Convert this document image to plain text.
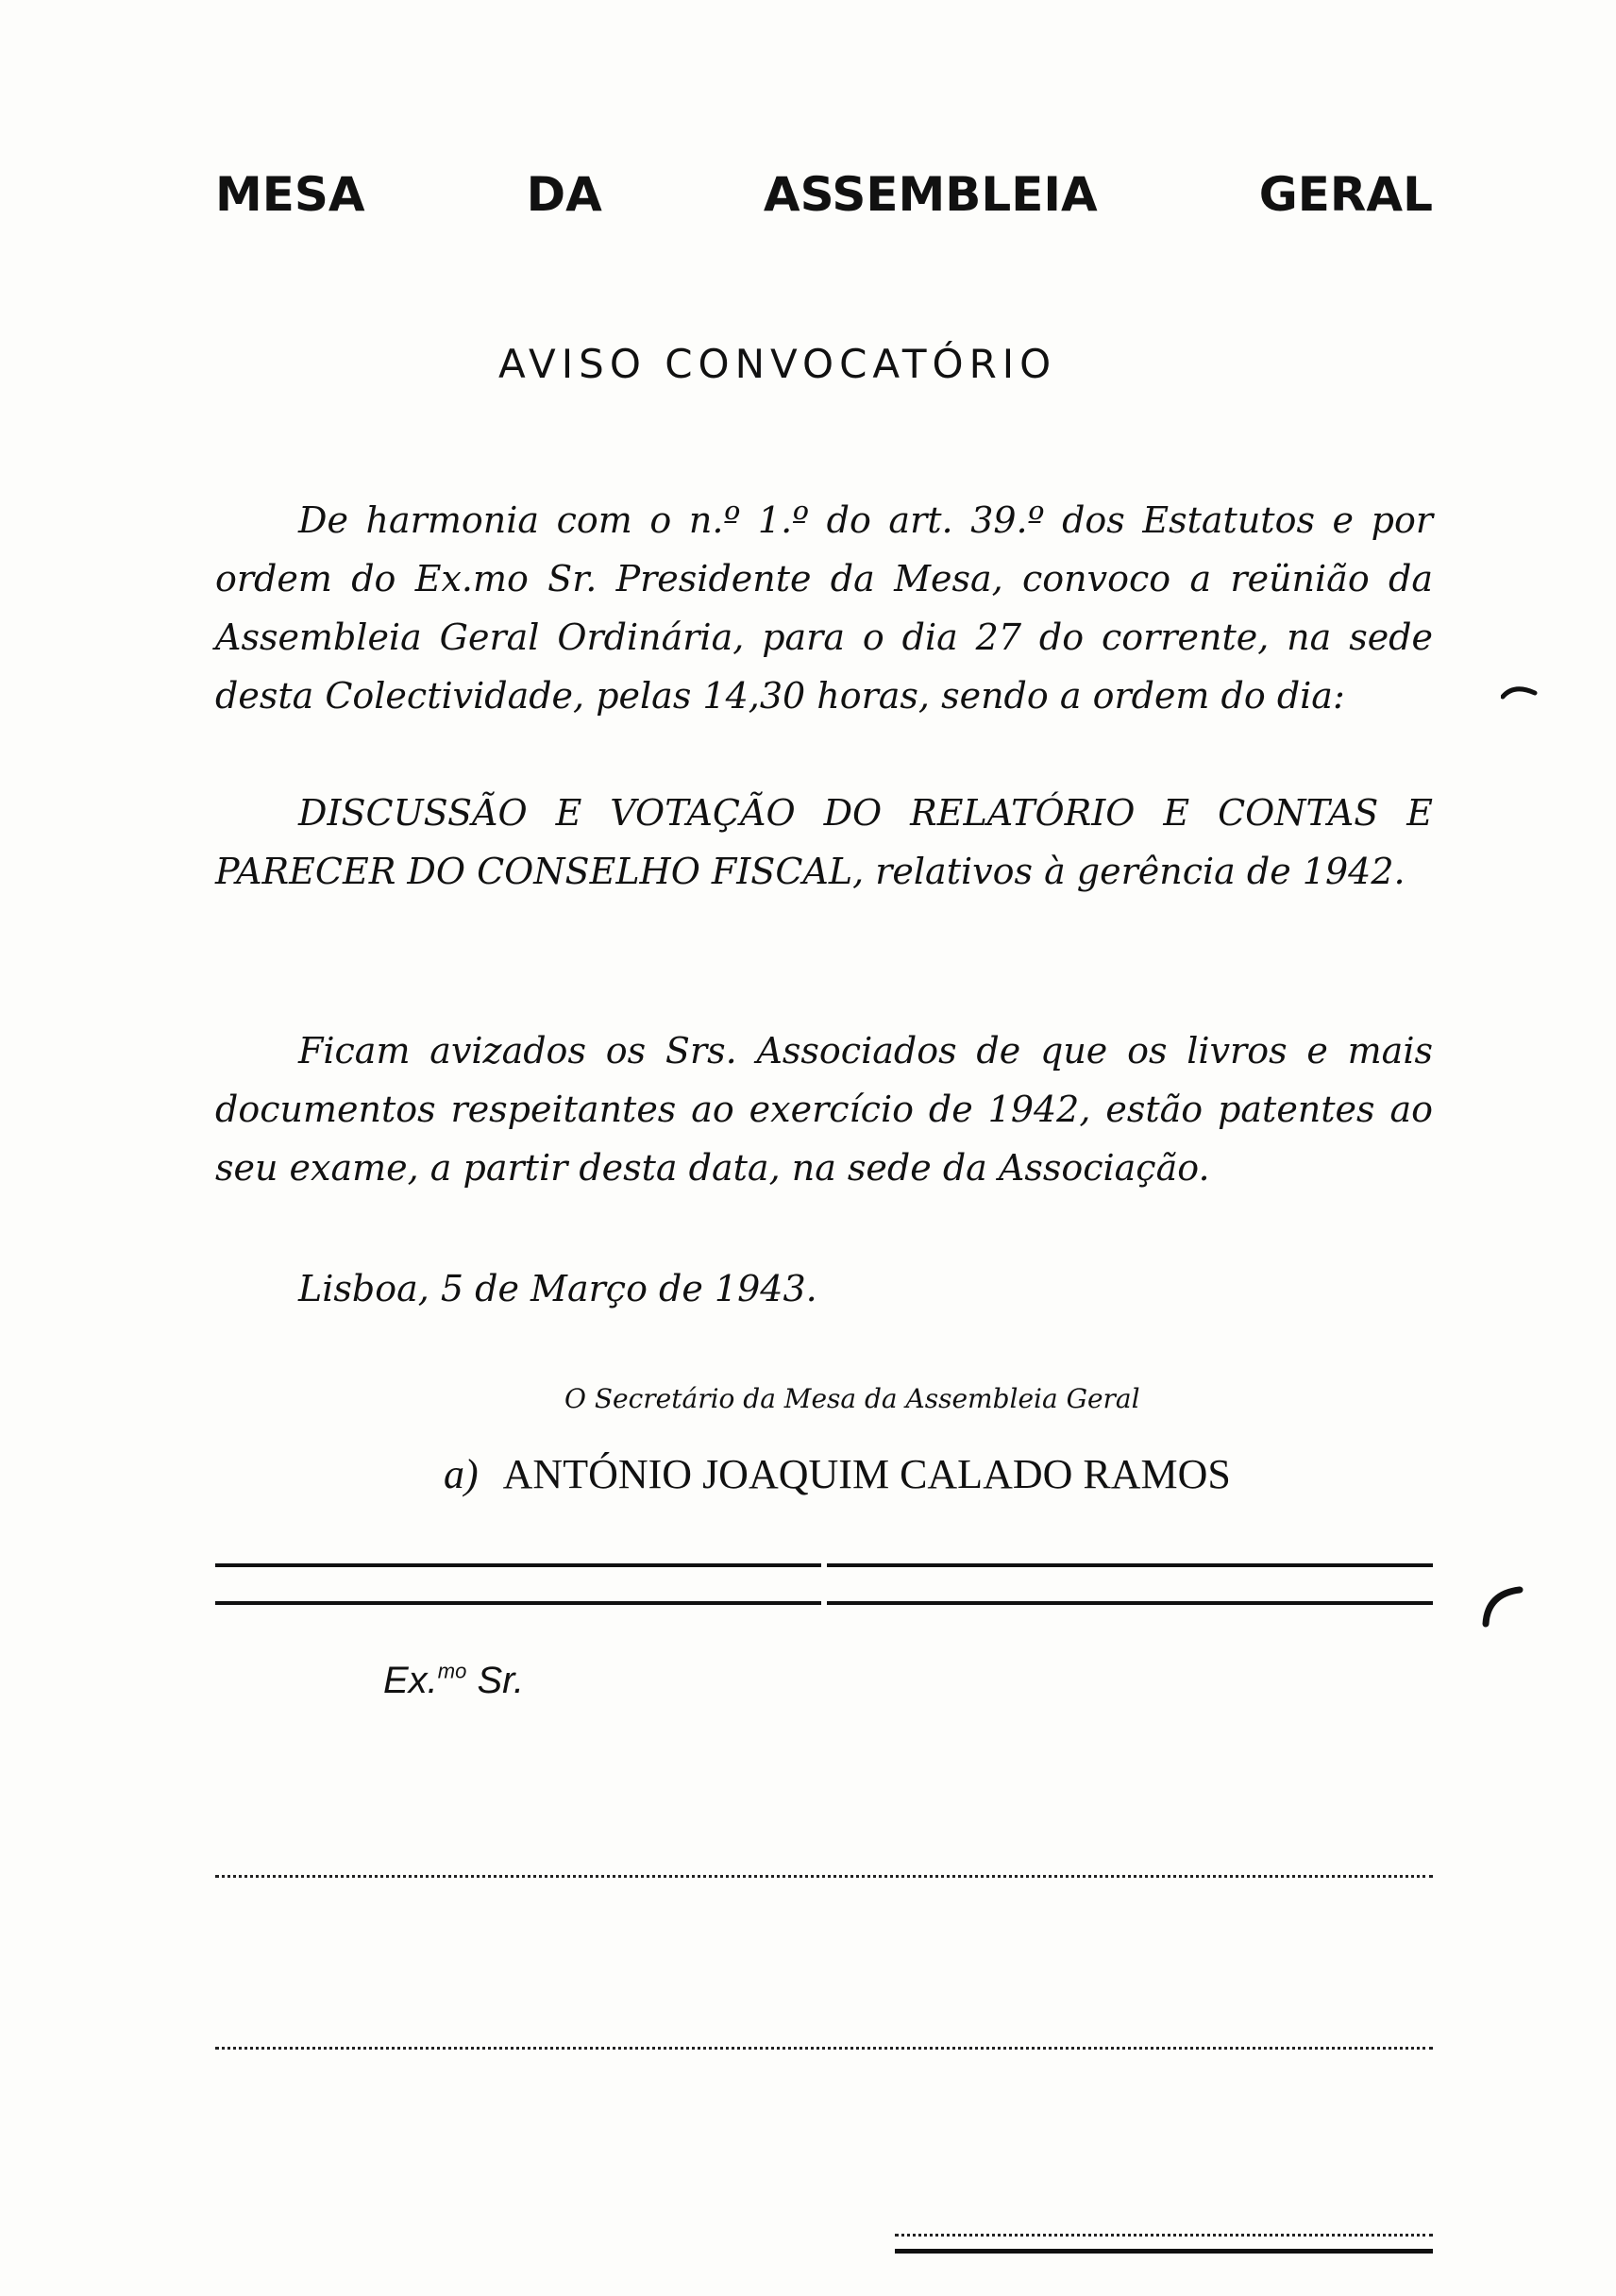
MESA DA ASSEMBLEIA GERAL
AVISO CONVOCATÓRIO

De harmonia com o n.º 1.º do art. 39.º dos Estatutos e por ordem do Ex.mo Sr. Presidente da Mesa, convoco a reünião da Assembleia Geral Ordinária, para o dia 27 do corrente, na sede desta Colectividade, pelas 14,30 horas, sendo a ordem do dia:

DISCUSSÃO E VOTAÇÃO DO RELATÓRIO E CONTAS E PARECER DO CONSELHO FISCAL, relativos à gerência de 1942.

Ficam avizados os Srs. Associados de que os livros e mais documentos respeitantes ao exercício de 1942, estão patentes ao seu exame, a partir desta data, na sede da Associação.

Lisboa, 5 de Março de 1943.
O Secretário da Mesa da Assembleia Geral
a) ANTÓNIO JOAQUIM CALADO RAMOS
Ex.$^{mo}$ Sr.
